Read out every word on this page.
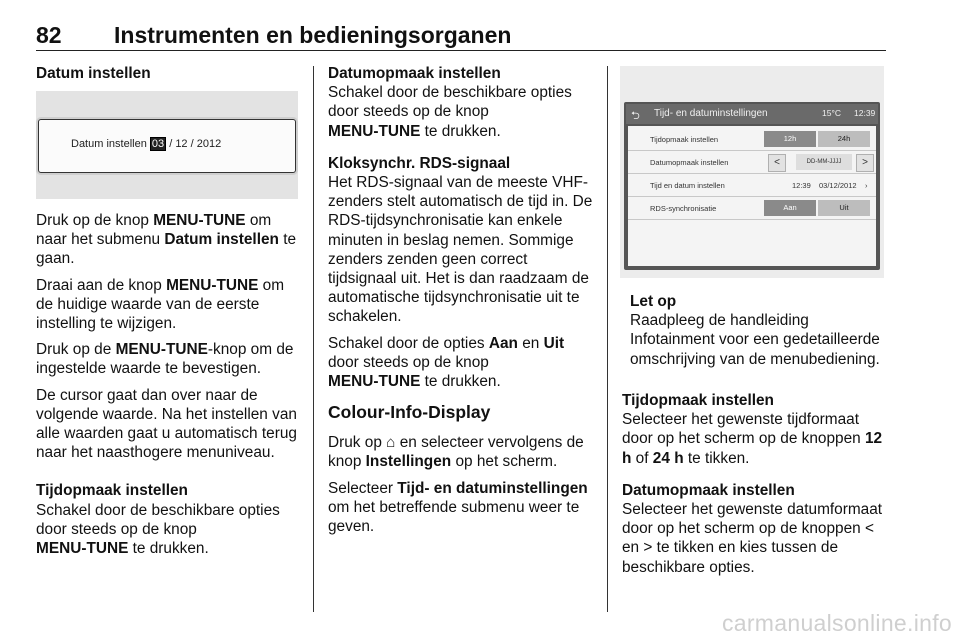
82 Instrumenten en bedieningsorganen

Datum instellen

Datum instellen 03 / 12 / 2012

Druk op de knop MENU-TUNE om naar het submenu Datum instellen te gaan.

Draai aan de knop MENU-TUNE om de huidige waarde van de eerste instelling te wijzigen.

Druk op de MENU-TUNE-knop om de ingestelde waarde te bevestigen.

De cursor gaat dan over naar de volgende waarde. Na het instellen van alle waarden gaat u automatisch terug naar het naasthogere menuniveau.

Tijdopmaak instellen

Schakel door de beschikbare opties door steeds op de knop
MENU-TUNE te drukken.

Datumopmaak instellen

Schakel door de beschikbare opties door steeds op de knop
MENU-TUNE te drukken.

Kloksynchr. RDS-signaal

Het RDS-signaal van de meeste VHF-zenders stelt automatisch de tijd in. De RDS-tijdsynchronisatie kan enkele minuten in beslag nemen. Sommige zenders zenden geen correct tijdsignaal uit. Het is dan raadzaam de automatische tijdsynchronisatie uit te schakelen.

Schakel door de opties Aan en Uit door steeds op de knop
MENU-TUNE te drukken.

Colour-Info-Display

Druk op ⌂ en selecteer vervolgens de knop Instellingen op het scherm.

Selecteer Tijd- en datuminstellingen om het betreffende submenu weer te geven.

⮌ Tijd- en datuminstellingen	15°C 12:39
Tijdopmaak instellen	12h	24h
Datumopmaak instellen	<	DD-MM-JJJJ	>
Tijd en datum instellen	12:39 03/12/2012 ›
RDS-synchronisatie	Aan	Uit

Let op

Raadpleeg de handleiding Infotainment voor een gedetailleerde omschrijving van de menubediening.

Tijdopmaak instellen

Selecteer het gewenste tijdformaat door op het scherm op de knoppen 12 h of 24 h te tikken.

Datumopmaak instellen

Selecteer het gewenste datumformaat door op het scherm op de knoppen < en > te tikken en kies tussen de beschikbare opties.

carmanualsonline.info
